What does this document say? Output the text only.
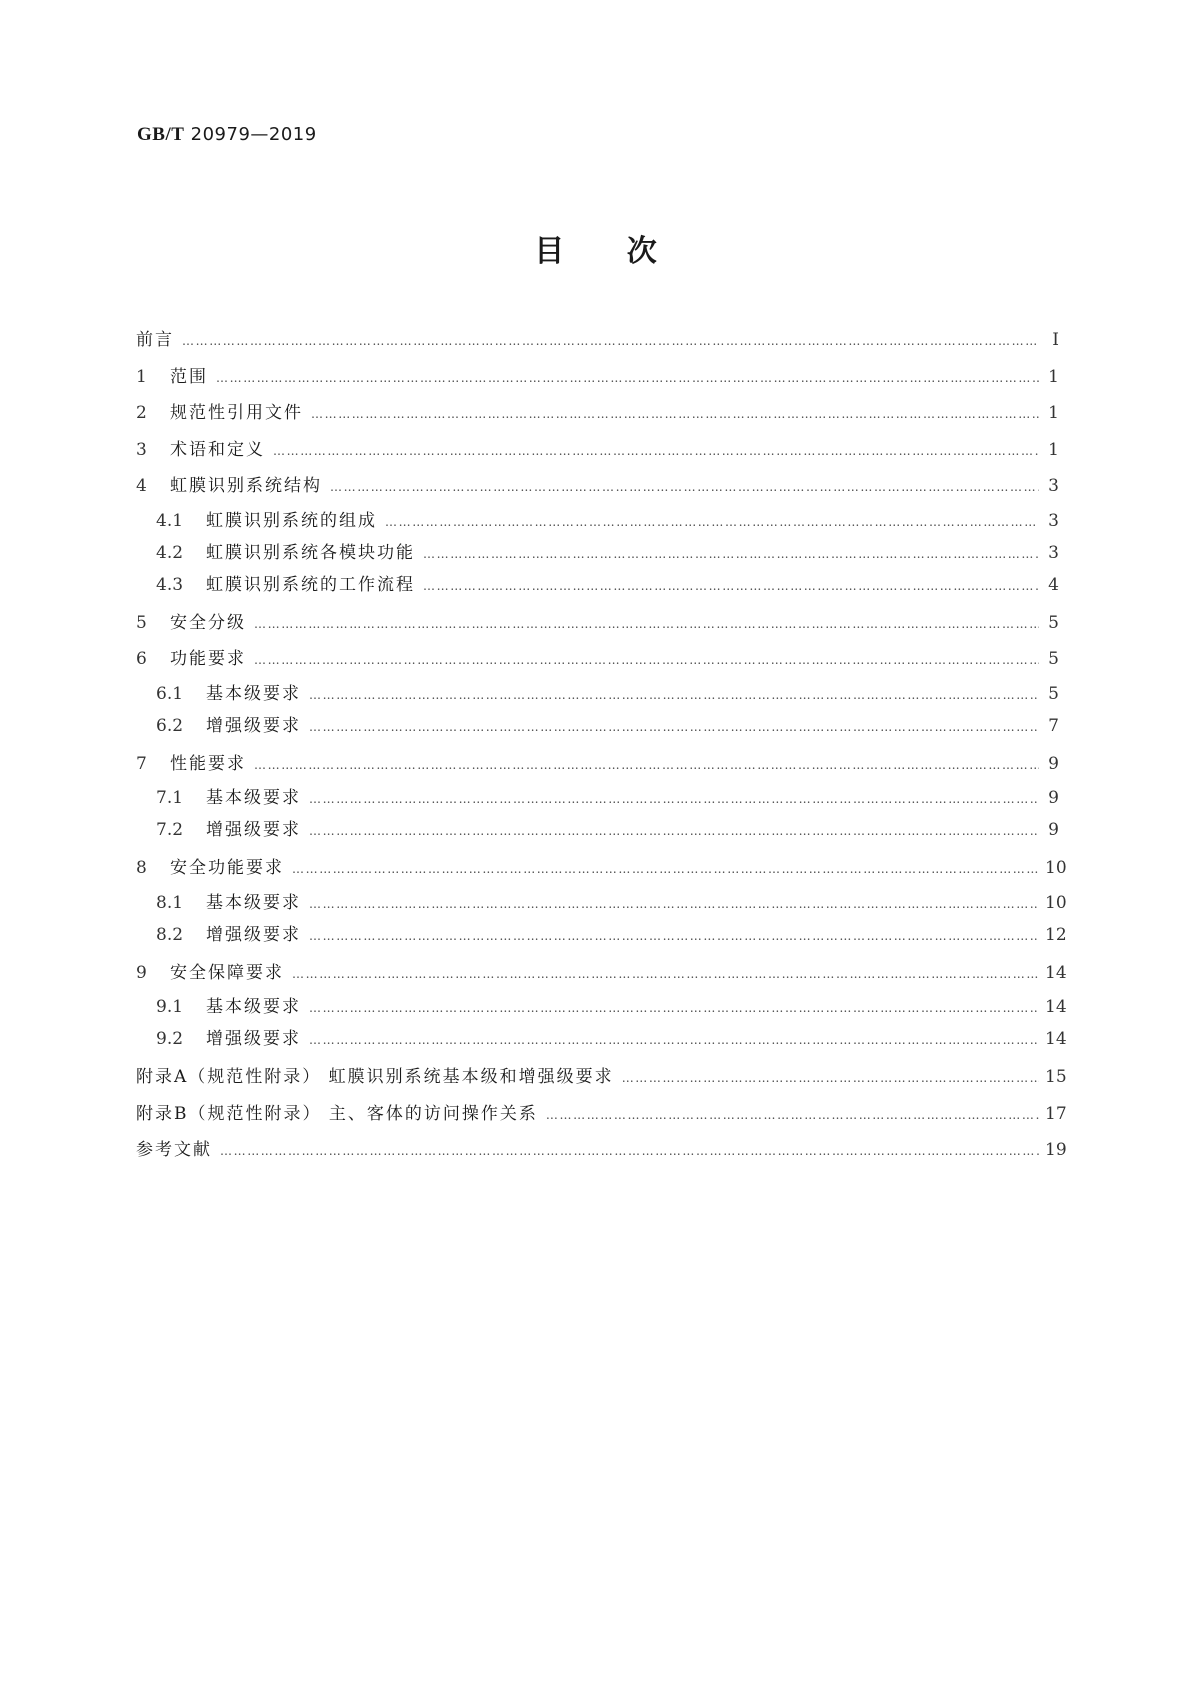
GB/T 20979—2019
目 次
前言 ……………………………………………………………………………………………………………………………………………………………………………………………………………………………………………………………………	Ⅰ
1	范围 ……………………………………………………………………………………………………………………………………………………………………………………………………………………………………………………………………	1
2	规范性引用文件 ……………………………………………………………………………………………………………………………………………………………………………………………………………………………………………………………………	1
3	术语和定义 ……………………………………………………………………………………………………………………………………………………………………………………………………………………………………………………………………	1
4	虹膜识别系统结构 ……………………………………………………………………………………………………………………………………………………………………………………………………………………………………………………………………	3
4.1	虹膜识别系统的组成 ……………………………………………………………………………………………………………………………………………………………………………………………………………………………………………………………………	3
4.2	虹膜识别系统各模块功能 ……………………………………………………………………………………………………………………………………………………………………………………………………………………………………………………………………	3
4.3	虹膜识别系统的工作流程 ……………………………………………………………………………………………………………………………………………………………………………………………………………………………………………………………………	4
5	安全分级 ……………………………………………………………………………………………………………………………………………………………………………………………………………………………………………………………………	5
6	功能要求 ……………………………………………………………………………………………………………………………………………………………………………………………………………………………………………………………………	5
6.1	基本级要求 ……………………………………………………………………………………………………………………………………………………………………………………………………………………………………………………………………	5
6.2	增强级要求 ……………………………………………………………………………………………………………………………………………………………………………………………………………………………………………………………………	7
7	性能要求 ……………………………………………………………………………………………………………………………………………………………………………………………………………………………………………………………………	9
7.1	基本级要求 ……………………………………………………………………………………………………………………………………………………………………………………………………………………………………………………………………	9
7.2	增强级要求 ……………………………………………………………………………………………………………………………………………………………………………………………………………………………………………………………………	9
8	安全功能要求 ……………………………………………………………………………………………………………………………………………………………………………………………………………………………………………………………………	10
8.1	基本级要求 ……………………………………………………………………………………………………………………………………………………………………………………………………………………………………………………………………	10
8.2	增强级要求 ……………………………………………………………………………………………………………………………………………………………………………………………………………………………………………………………………	12
9	安全保障要求 ……………………………………………………………………………………………………………………………………………………………………………………………………………………………………………………………………	14
9.1	基本级要求 ……………………………………………………………………………………………………………………………………………………………………………………………………………………………………………………………………	14
9.2	增强级要求 ……………………………………………………………………………………………………………………………………………………………………………………………………………………………………………………………………	14
附录A（规范性附录） 虹膜识别系统基本级和增强级要求 ……………………………………………………………………………………………………………………………………………………………………………………………………………………………………………………………………	15
附录B（规范性附录） 主、客体的访问操作关系 ……………………………………………………………………………………………………………………………………………………………………………………………………………………………………………………………………	17
参考文献 ……………………………………………………………………………………………………………………………………………………………………………………………………………………………………………………………………	19
